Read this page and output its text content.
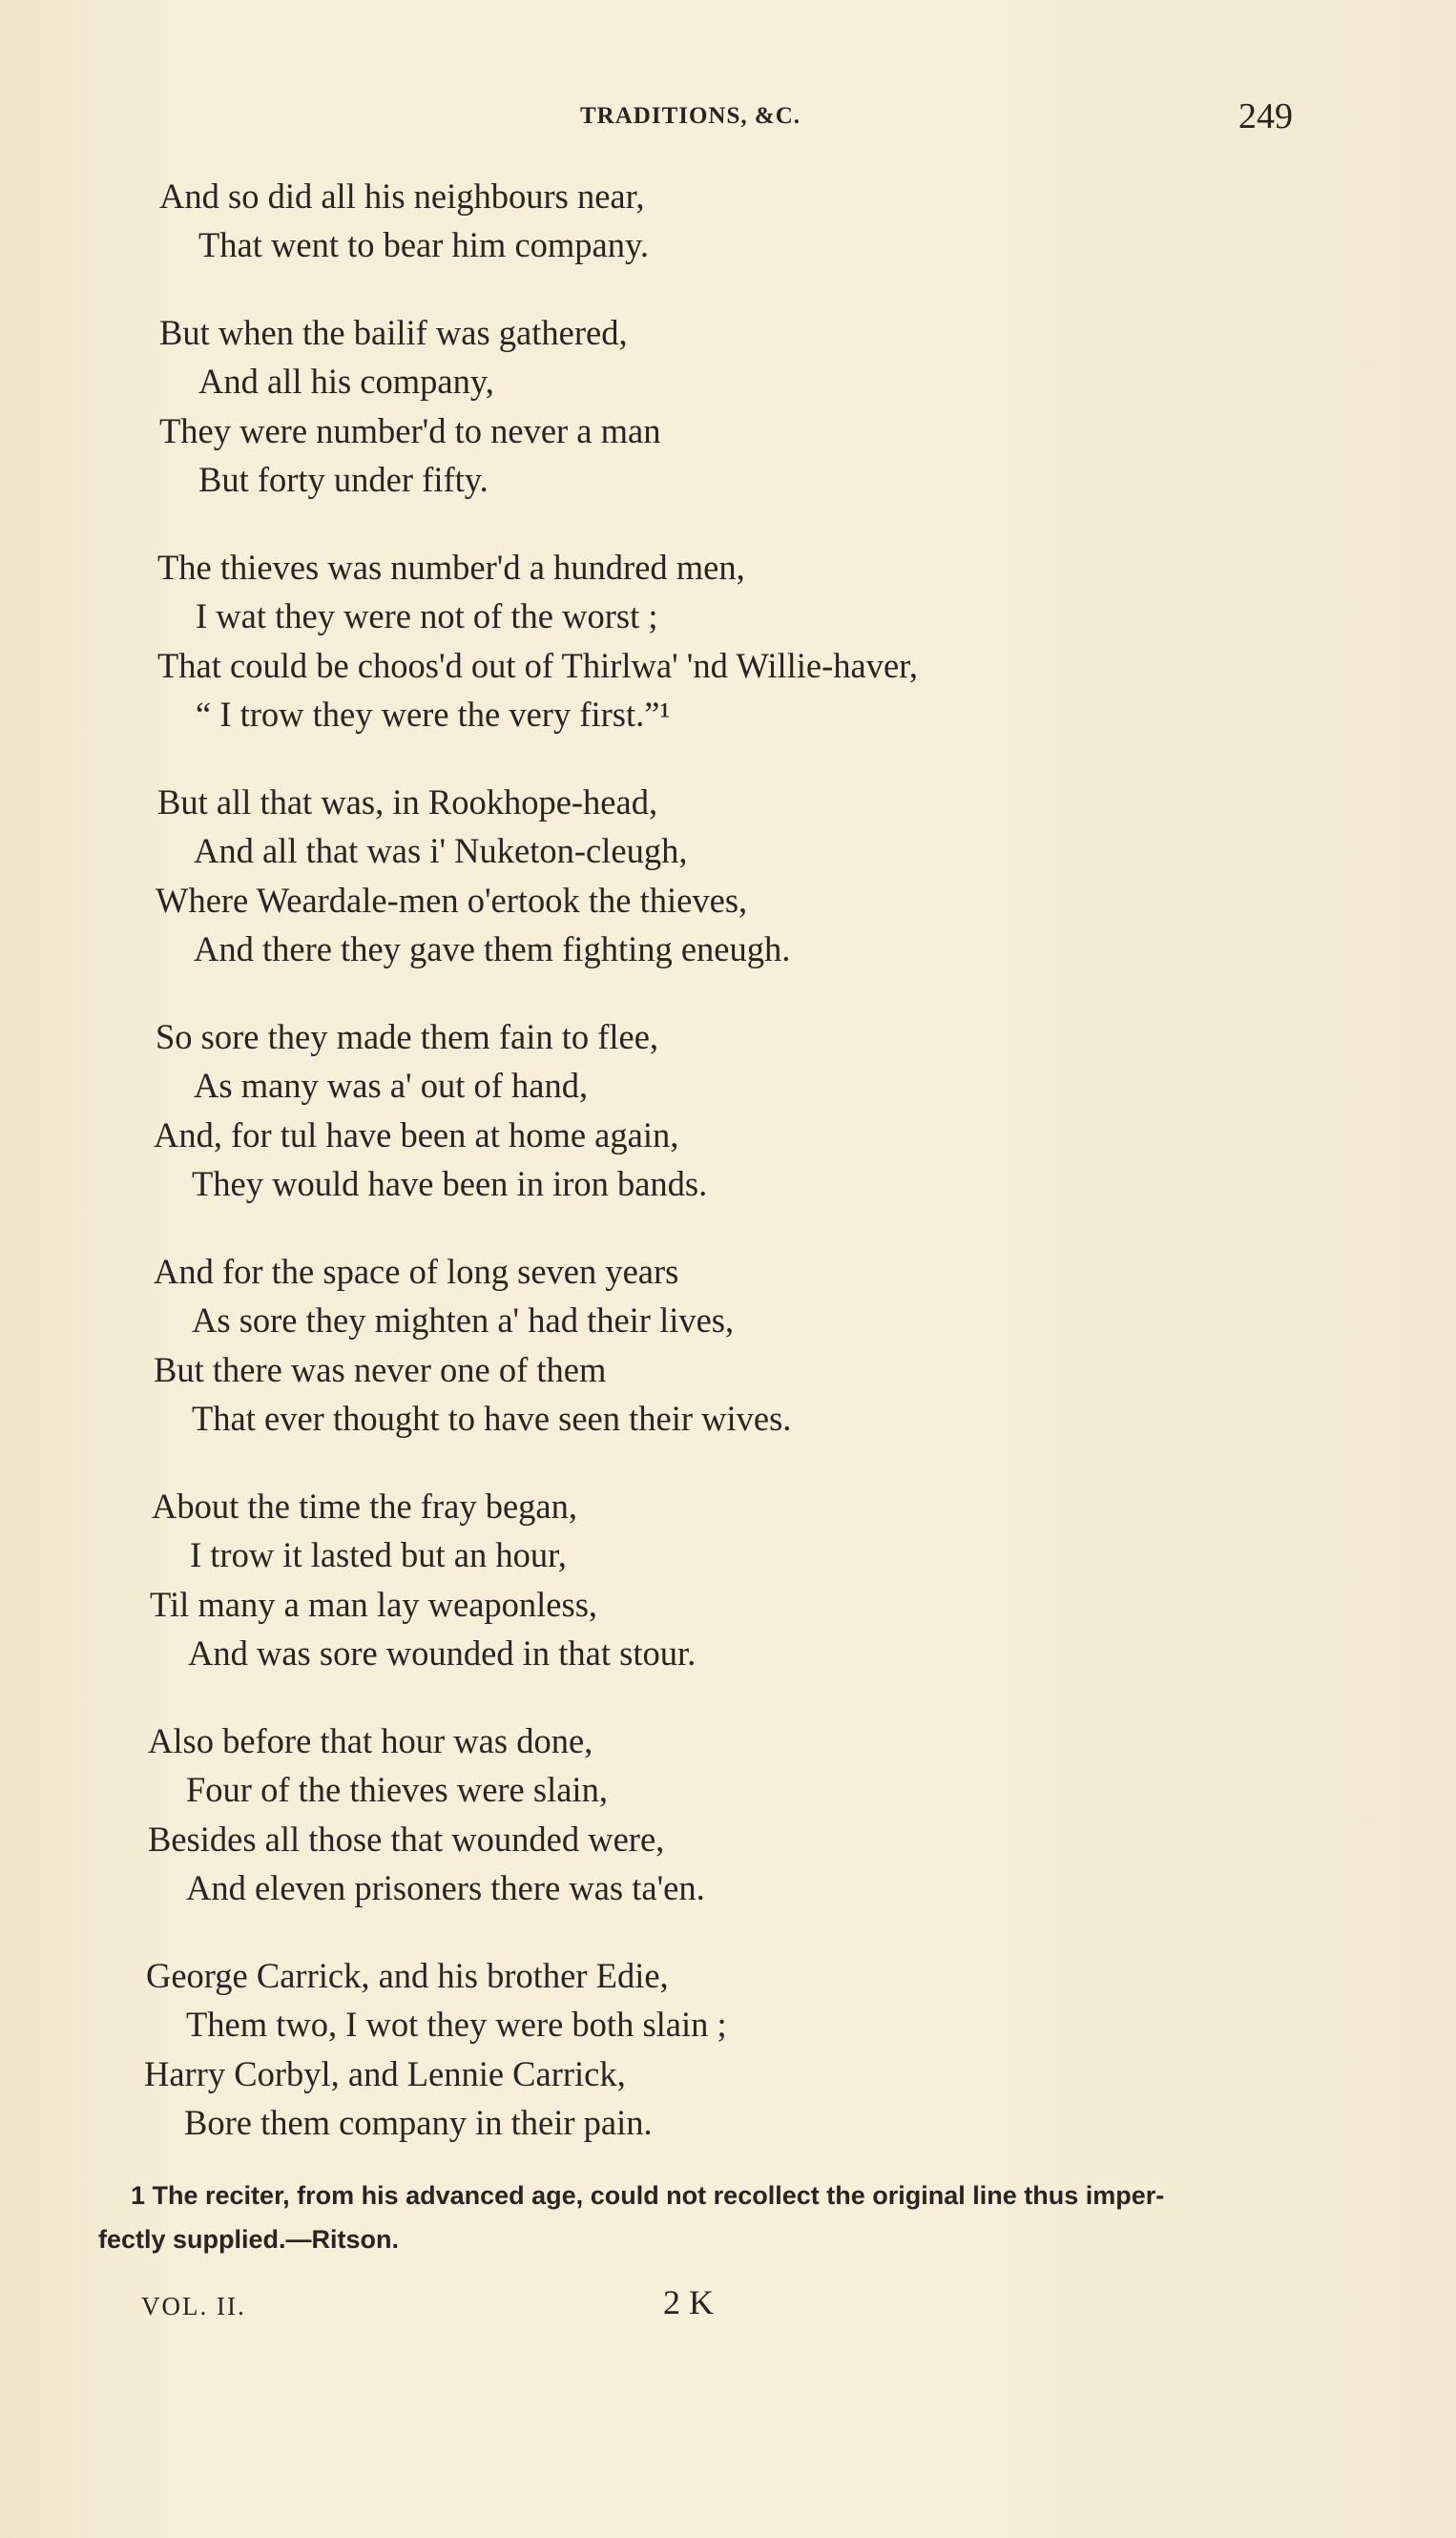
TRADITIONS, &C.	249
And so did all his neighbours near,
That went to bear him company.
But when the bailif was gathered,
And all his company,
They were number'd to never a man
But forty under fifty.
The thieves was number'd a hundred men,
I wat they were not of the worst ;
That could be choos'd out of Thirlwa' 'nd Willie-haver,
“ I trow they were the very first.”¹
But all that was, in Rookhope-head,
And all that was i' Nuketon-cleugh,
Where Weardale-men o'ertook the thieves,
And there they gave them fighting eneugh.
So sore they made them fain to flee,
As many was a' out of hand,
And, for tul have been at home again,
They would have been in iron bands.
And for the space of long seven years
As sore they mighten a' had their lives,
But there was never one of them
That ever thought to have seen their wives.
About the time the fray began,
I trow it lasted but an hour,
Til many a man lay weaponless,
And was sore wounded in that stour.
Also before that hour was done,
Four of the thieves were slain,
Besides all those that wounded were,
And eleven prisoners there was ta'en.
George Carrick, and his brother Edie,
Them two, I wot they were both slain ;
Harry Corbyl, and Lennie Carrick,
Bore them company in their pain.
1 The reciter, from his advanced age, could not recollect the original line thus imper-
fectly supplied.—Ritson.
VOL. II.	2 K
